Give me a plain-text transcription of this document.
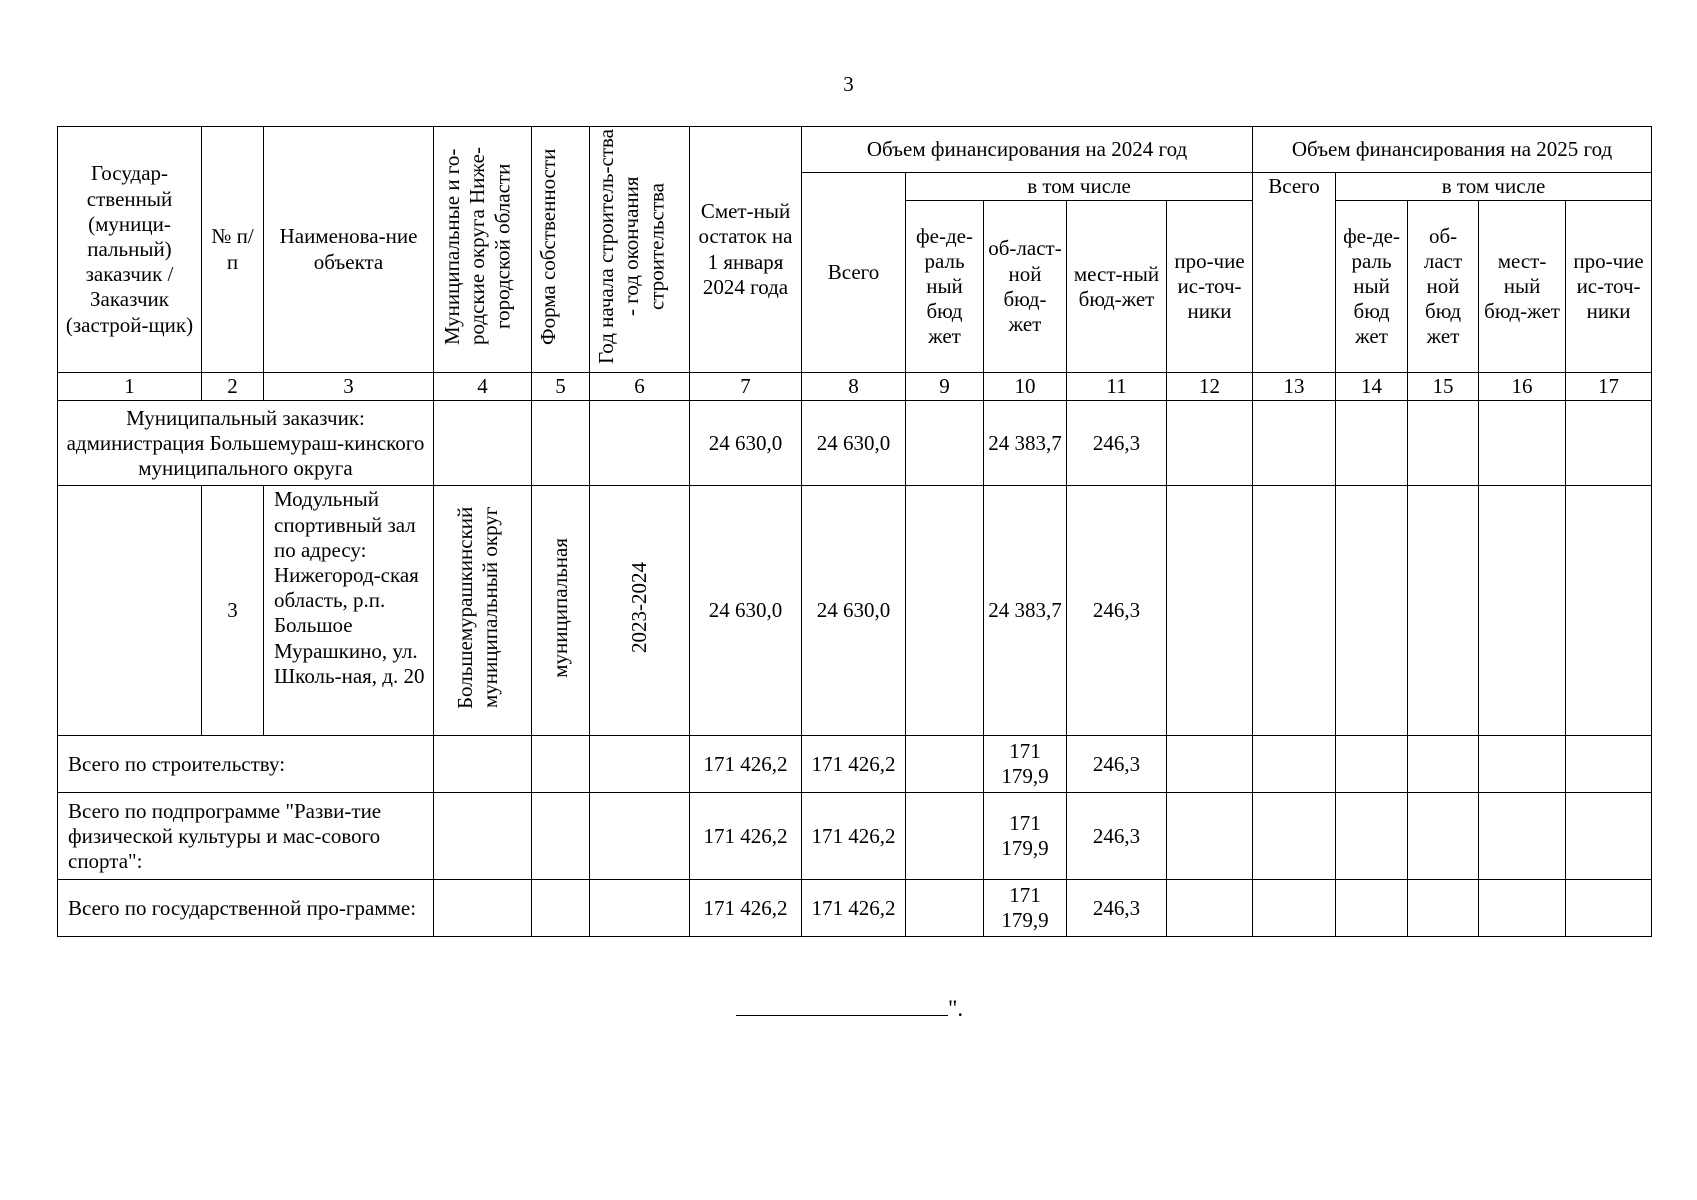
3
Государ-ственный (муници-пальный) заказчик / Заказчик (застрой-щик)	№ п/п	Наименова-ние объекта	Муниципальные и го-родские округа Ниже-городской области	Форма собственности	Год начала строитель-ства - год окончания строительства	Смет-ный остаток на 1 января 2024 года	Объем финансирования на 2024 год					Объем финансирования на 2025 год				
							Всего	в том числе				Всего	в том числе			
								фе-де-раль ный бюд жет	об-ласт-ной бюд-жет	мест-ный бюд-жет	про-чие ис-точ-ники		фе-де-раль ный бюд жет	об-ласт ной бюд жет	мест-ный бюд-жет	про-чие ис-точ-ники
1	2	3	4	5	6	7	8	9	10	11	12	13	14	15	16	17
Муниципальный заказчик: администрация Большемураш-кинского муниципального округа						24 630,0	24 630,0		24 383,7	246,3						
	3	Модульный спортивный зал по адресу: Нижегород-ская область, р.п. Большое Мурашкино, ул. Школь-ная, д. 20	Большемурашкинский муниципальный округ	муниципальная	2023-2024	24 630,0	24 630,0		24 383,7	246,3						
Всего по строительству:						171 426,2	171 426,2		171 179,9	246,3						
Всего по подпрограмме "Разви-тие физической культуры и мас-сового спорта":						171 426,2	171 426,2		171 179,9	246,3						
Всего по государственной про-грамме:						171 426,2	171 426,2		171 179,9	246,3						
".
